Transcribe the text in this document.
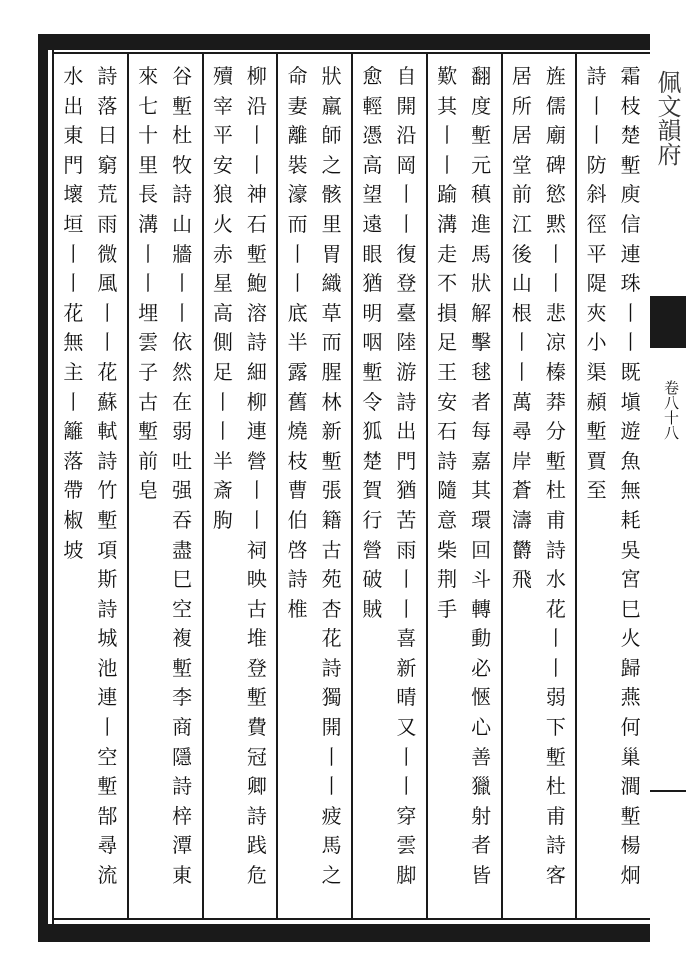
霜
枝
楚
塹
庾
信
連
珠
丨
丨
既
塡
遊
魚
無
耗
吳
宮
巳
火
歸
燕
何
巢
澗
塹
楊
炯
詩
丨
丨
防
斜
徑
平
隄
夾
小
渠
頳
塹
賈
至
旌
儒
廟
碑
慾
黙
丨
丨
悲
凉
榛
莽
分
塹
杜
甫
詩
水
花
丨
丨
弱
下
塹
杜
甫
詩
客
居
所
居
堂
前
江
後
山
根
丨
丨
萬
尋
岸
蒼
濤
欝
飛
翻
度
塹
元
稹
進
馬
狀
解
擊
毬
者
每
嘉
其
環
回
斗
轉
動
必
愜
心
善
獵
射
者
皆
歎
其
丨
丨
踰
溝
走
不
損
足
王
安
石
詩
隨
意
柴
荆
手
自
開
沿
岡
丨
丨
復
登
臺
陸
游
詩
出
門
猶
苦
雨
丨
丨
喜
新
晴
又
丨
丨
穿
雲
脚
愈
輕
憑
高
望
遠
眼
猶
明
咽
塹
令
狐
楚
賀
行
營
破
賊
狀
羸
師
之
骸
里
胃
織
草
而
腥
林
新
塹
張
籍
古
苑
杏
花
詩
獨
開
丨
丨
疲
馬
之
命
妻
離
裝
濠
而
丨
丨
底
半
露
舊
燒
枝
曹
伯
啓
詩
椎
柳
沿
丨
丨
神
石
塹
鮑
溶
詩
細
柳
連
營
丨
丨
祠
映
古
堆
登
塹
費
冠
卿
詩
践
危
殰
宰
平
安
狼
火
赤
星
高
側
足
丨
丨
半
斎
朐
谷
塹
杜
牧
詩
山
牆
丨
丨
依
然
在
弱
吐
强
吞
盡
巳
空
複
塹
李
商
隱
詩
梓
潭
東
來
七
十
里
長
溝
丨
丨
埋
雲
子
古
塹
前
皂
詩
落
日
窮
荒
雨
微
風
丨
丨
花
蘇
軾
詩
竹
塹
項
斯
詩
城
池
連
丨
空
塹
郜
尋
流
水
出
東
門
壞
垣
丨
丨
花
無
主
丨
籬
落
帶
椒
坡
佩文韻府
卷八十八
